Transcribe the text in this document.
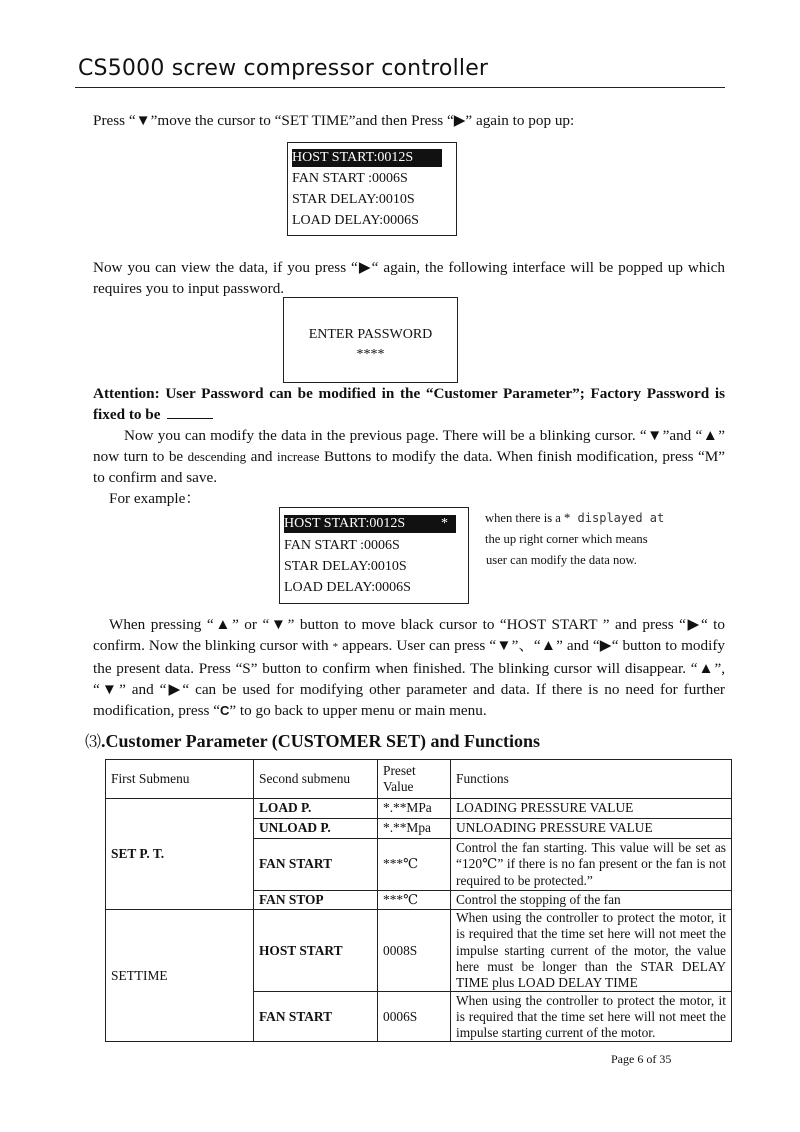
CS5000 screw compressor controller
Press “▼”move the cursor to “SET TIME”and then Press “▶” again to pop up:
HOST START:0012S
FAN START :0006S
STAR DELAY:0010S
LOAD DELAY:0006S
Now you can view the data, if you press “▶“ again, the following interface will be popped up which requires you to input password.
ENTER PASSWORD
****
Attention: User Password can be modified in the “Customer Parameter”; Factory Password is fixed to be
Now you can modify the data in the previous page. There will be a blinking cursor. “▼”and “▲” now turn to be descending and increase Buttons to modify the data. When finish modification, press “M” to confirm and save.
For example：
HOST START:0012S	*
FAN START :0006S
STAR DELAY:0010S
LOAD DELAY:0006S
when there is a * displayed at
the up right corner which means
user can modify the data now.
When pressing “▲” or “▼” button to move black cursor to “HOST START ” and press “▶“ to confirm. Now the blinking cursor with * appears. User can press “▼”、“▲” and “▶“ button to modify the present data. Press “S” button to confirm when finished. The blinking cursor will disappear. “▲”, “▼” and “▶“ can be used for modifying other parameter and data. If there is no need for further modification, press “C” to go back to upper menu or main menu.
⑶.Customer Parameter (CUSTOMER SET) and Functions
First Submenu	Second submenu	Preset Value	Functions
SET P. T.	LOAD P.	*.**MPa	LOADING PRESSURE VALUE
	UNLOAD P.	*.**Mpa	UNLOADING PRESSURE VALUE
	FAN START	***℃	Control the fan starting. This value will be set as “120℃” if there is no fan present or the fan is not required to be protected.”
	FAN STOP	***℃	Control the stopping of the fan
SETTIME	HOST START	0008S	When using the controller to protect the motor, it is required that the time set here will not meet the impulse starting current of the motor, the value here must be longer than the STAR DELAY TIME plus LOAD DELAY TIME
	FAN START	0006S	When using the controller to protect the motor, it is required that the time set here will not meet the impulse starting current of the motor.
Page 6 of 35
